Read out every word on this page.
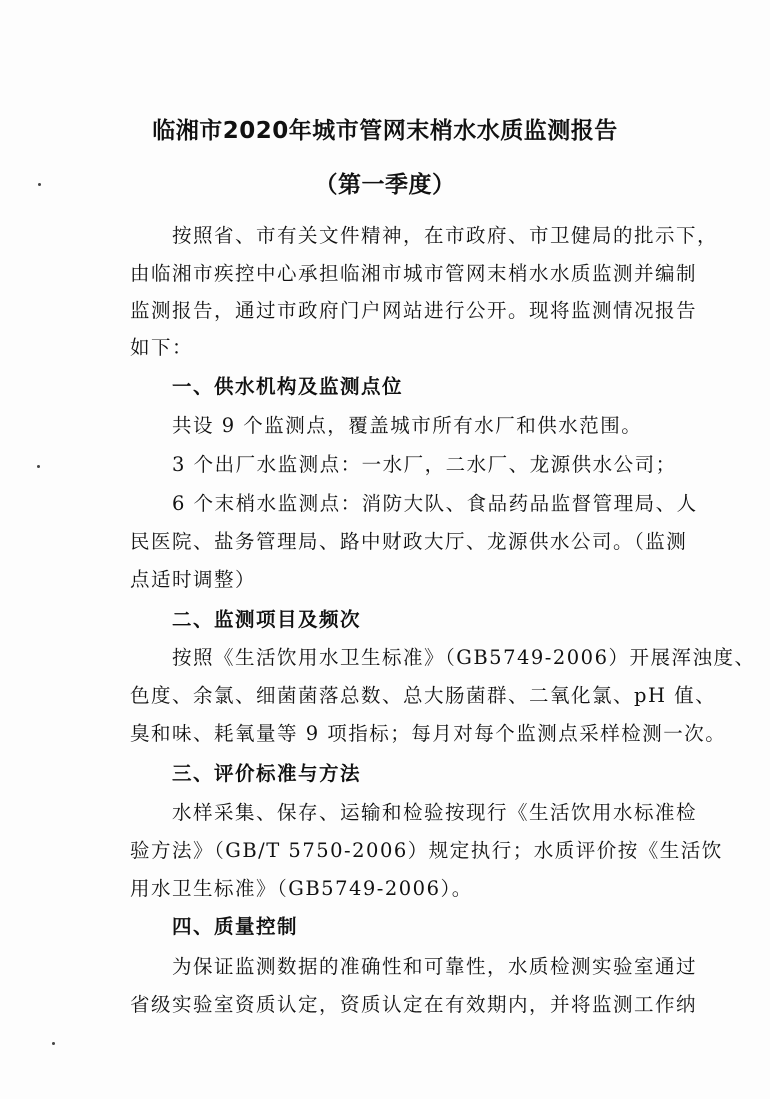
临湘市2020年城市管网末梢水水质监测报告
（第一季度）
按照省、市有关文件精神，在市政府、市卫健局的批示下，
由临湘市疾控中心承担临湘市城市管网末梢水水质监测并编制
监测报告，通过市政府门户网站进行公开。现将监测情况报告
如下：
一、供水机构及监测点位
共设 9 个监测点，覆盖城市所有水厂和供水范围。
3 个出厂水监测点：一水厂，二水厂、龙源供水公司；
6 个末梢水监测点：消防大队、食品药品监督管理局、人
民医院、盐务管理局、路中财政大厅、龙源供水公司。（监测
点适时调整）
二、监测项目及频次
按照《生活饮用水卫生标准》（GB5749-2006）开展浑浊度、
色度、余氯、细菌菌落总数、总大肠菌群、二氧化氯、pH 值、
臭和味、耗氧量等 9 项指标；每月对每个监测点采样检测一次。
三、评价标准与方法
水样采集、保存、运输和检验按现行《生活饮用水标准检
验方法》（GB/T 5750-2006）规定执行；水质评价按《生活饮
用水卫生标准》（GB5749-2006）。
四、质量控制
为保证监测数据的准确性和可靠性，水质检测实验室通过
省级实验室资质认定，资质认定在有效期内，并将监测工作纳
